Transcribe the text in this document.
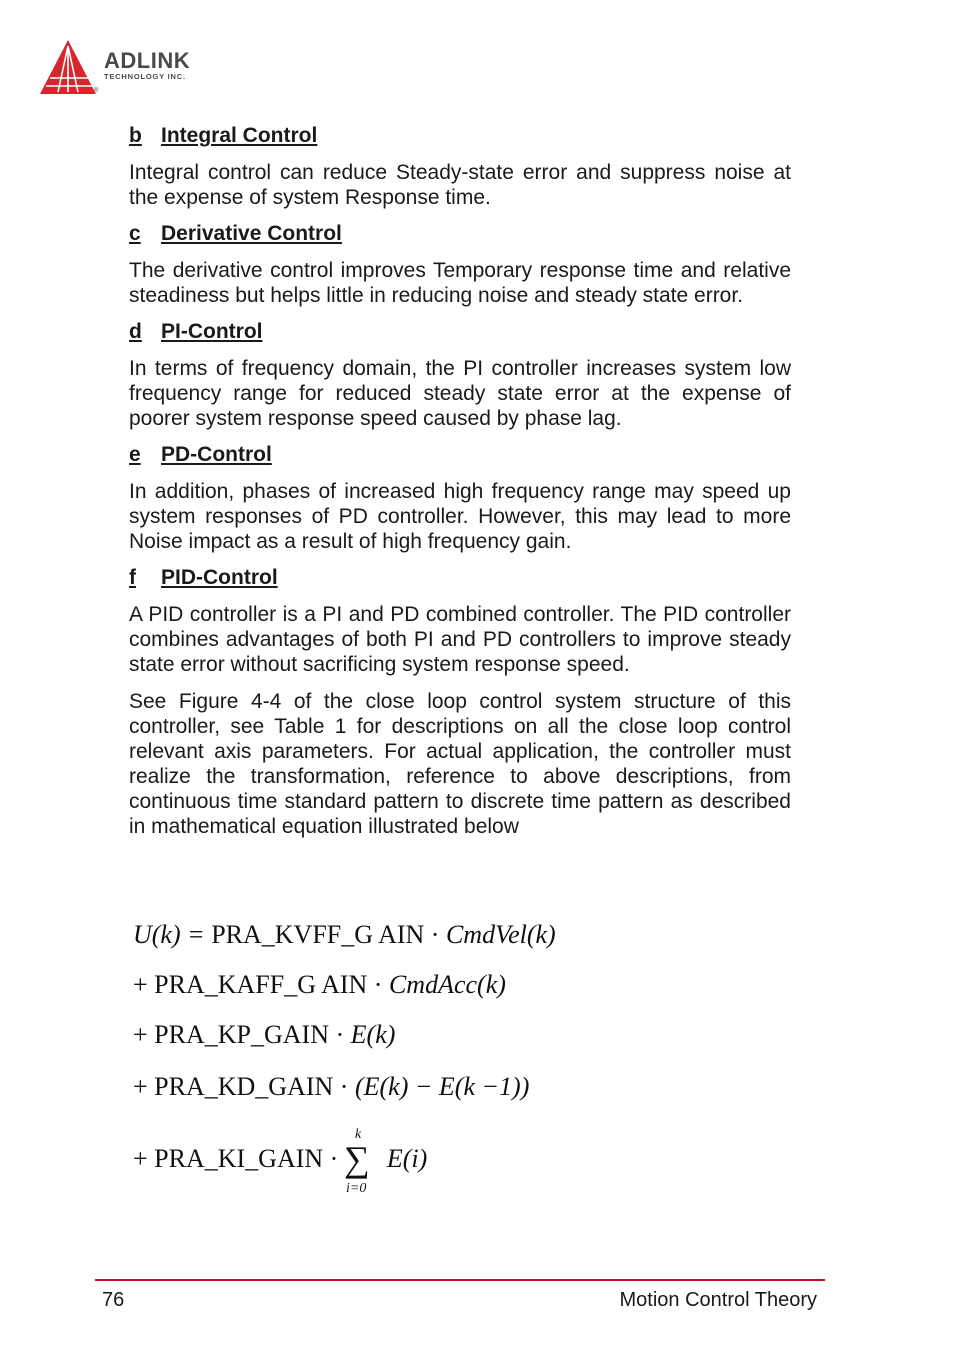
ADLINK
TECHNOLOGY INC.
®

b Integral Control

Integral control can reduce Steady-state error and suppress noise at the expense of system Response time.

c Derivative Control

The derivative control improves Temporary response time and relative steadiness but helps little in reducing noise and steady state error.

d PI-Control

In terms of frequency domain, the PI controller increases system low frequency range for reduced steady state error at the expense of poorer system response speed caused by phase lag.

e PD-Control

In addition, phases of increased high frequency range may speed up system responses of PD controller. However, this may lead to more Noise impact as a result of high frequency gain.

f PID-Control

A PID controller is a PI and PD combined controller. The PID controller combines advantages of both PI and PD controllers to improve steady state error without sacrificing system response speed.

See Figure 4-4 of the close loop control system structure of this controller, see Table 1 for descriptions on all the close loop control relevant axis parameters. For actual application, the controller must realize the transformation, reference to above descriptions, from continuous time standard pattern to discrete time pattern as described in mathematical equation illustrated below

U(k) = PRA_KVFF_G AIN · CmdVel(k)
+ PRA_KAFF_G AIN · CmdAcc(k)
+ PRA_KP_GAIN · E(k)
+ PRA_KD_GAIN · (E(k) − E(k −1))
+ PRA_KI_GAIN · E(i)
k
∑
i=0
76	Motion Control Theory
